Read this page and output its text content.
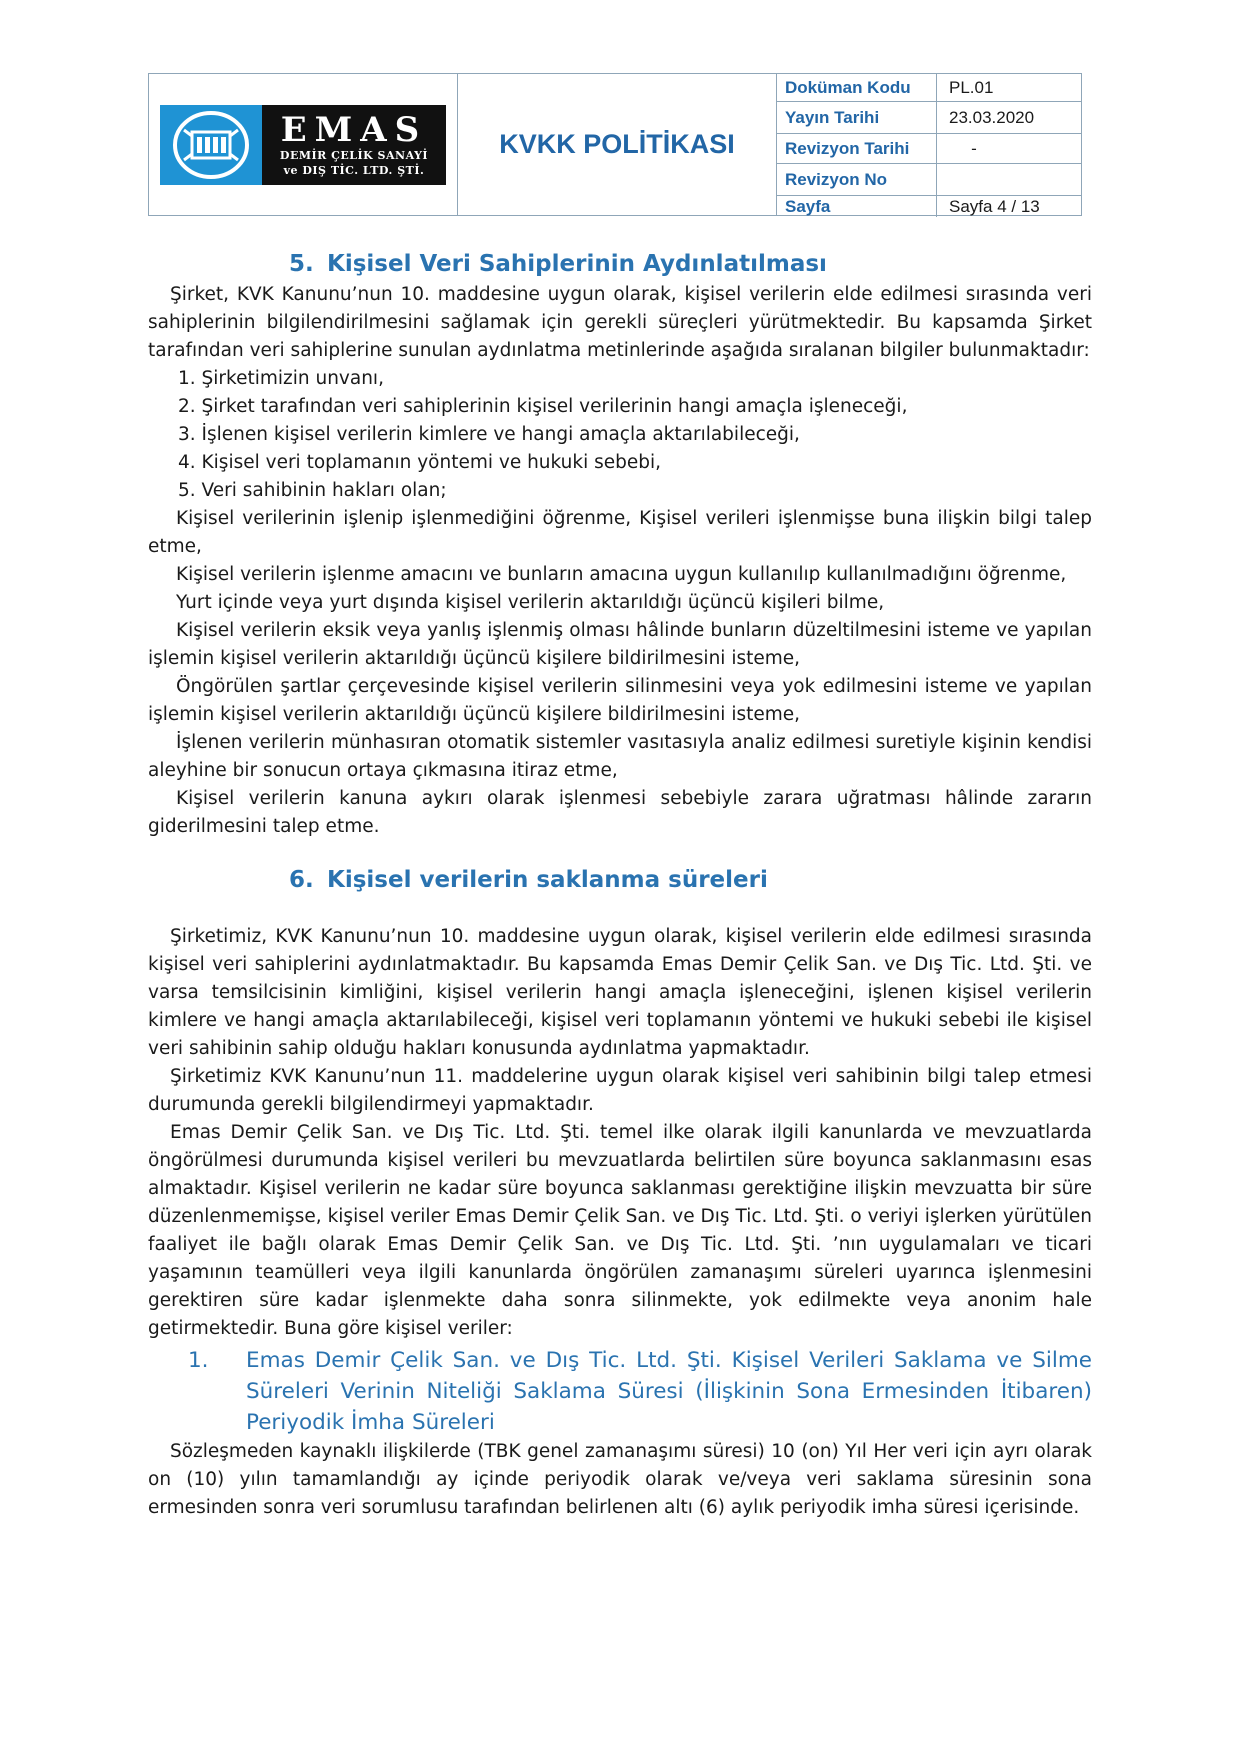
EMAS
DEMİR ÇELİK SANAYİ
ve DIŞ TİC. LTD. ŞTİ.
KVKK POLİTİKASI
Doküman Kodu	PL.01
Yayın Tarihi	23.03.2020
Revizyon Tarihi	-
Revizyon No
Sayfa	Sayfa 4 / 13
5. Kişisel Veri Sahiplerinin Aydınlatılması

Şirket, KVK Kanunu’nun 10. maddesine uygun olarak, kişisel verilerin elde edilmesi sırasında veri sahiplerinin bilgilendirilmesini sağlamak için gerekli süreçleri yürütmektedir. Bu kapsamda Şirket tarafından veri sahiplerine sunulan aydınlatma metinlerinde aşağıda sıralanan bilgiler bulunmaktadır:

1. Şirketimizin unvanı,

2. Şirket tarafından veri sahiplerinin kişisel verilerinin hangi amaçla işleneceği,

3. İşlenen kişisel verilerin kimlere ve hangi amaçla aktarılabileceği,

4. Kişisel veri toplamanın yöntemi ve hukuki sebebi,

5. Veri sahibinin hakları olan;

Kişisel verilerinin işlenip işlenmediğini öğrenme, Kişisel verileri işlenmişse buna ilişkin bilgi talep etme,

Kişisel verilerin işlenme amacını ve bunların amacına uygun kullanılıp kullanılmadığını öğrenme,

Yurt içinde veya yurt dışında kişisel verilerin aktarıldığı üçüncü kişileri bilme,

Kişisel verilerin eksik veya yanlış işlenmiş olması hâlinde bunların düzeltilmesini isteme ve yapılan işlemin kişisel verilerin aktarıldığı üçüncü kişilere bildirilmesini isteme,

Öngörülen şartlar çerçevesinde kişisel verilerin silinmesini veya yok edilmesini isteme ve yapılan işlemin kişisel verilerin aktarıldığı üçüncü kişilere bildirilmesini isteme,

İşlenen verilerin münhasıran otomatik sistemler vasıtasıyla analiz edilmesi suretiyle kişinin kendisi aleyhine bir sonucun ortaya çıkmasına itiraz etme,

Kişisel verilerin kanuna aykırı olarak işlenmesi sebebiyle zarara uğratması hâlinde zararın giderilmesini talep etme.

6. Kişisel verilerin saklanma süreleri

Şirketimiz, KVK Kanunu’nun 10. maddesine uygun olarak, kişisel verilerin elde edilmesi sırasında kişisel veri sahiplerini aydınlatmaktadır. Bu kapsamda Emas Demir Çelik San. ve Dış Tic. Ltd. Şti. ve varsa temsilcisinin kimliğini, kişisel verilerin hangi amaçla işleneceğini, işlenen kişisel verilerin kimlere ve hangi amaçla aktarılabileceği, kişisel veri toplamanın yöntemi ve hukuki sebebi ile kişisel veri sahibinin sahip olduğu hakları konusunda aydınlatma yapmaktadır.

Şirketimiz KVK Kanunu’nun 11. maddelerine uygun olarak kişisel veri sahibinin bilgi talep etmesi durumunda gerekli bilgilendirmeyi yapmaktadır.

Emas Demir Çelik San. ve Dış Tic. Ltd. Şti. temel ilke olarak ilgili kanunlarda ve mevzuatlarda öngörülmesi durumunda kişisel verileri bu mevzuatlarda belirtilen süre boyunca saklanmasını esas almaktadır. Kişisel verilerin ne kadar süre boyunca saklanması gerektiğine ilişkin mevzuatta bir süre düzenlenmemişse, kişisel veriler Emas Demir Çelik San. ve Dış Tic. Ltd. Şti. o veriyi işlerken yürütülen faaliyet ile bağlı olarak Emas Demir Çelik San. ve Dış Tic. Ltd. Şti. ’nın uygulamaları ve ticari yaşamının teamülleri veya ilgili kanunlarda öngörülen zamanaşımı süreleri uyarınca işlenmesini gerektiren süre kadar işlenmekte daha sonra silinmekte, yok edilmekte veya anonim hale getirmektedir. Buna göre kişisel veriler:

1.	Emas Demir Çelik San. ve Dış Tic. Ltd. Şti. Kişisel Verileri Saklama ve Silme Süreleri Verinin Niteliği Saklama Süresi (İlişkinin Sona Ermesinden İtibaren) Periyodik İmha Süreleri

Sözleşmeden kaynaklı ilişkilerde (TBK genel zamanaşımı süresi) 10 (on) Yıl Her veri için ayrı olarak on (10) yılın tamamlandığı ay içinde periyodik olarak ve/veya veri saklama süresinin sona ermesinden sonra veri sorumlusu tarafından belirlenen altı (6) aylık periyodik imha süresi içerisinde.
